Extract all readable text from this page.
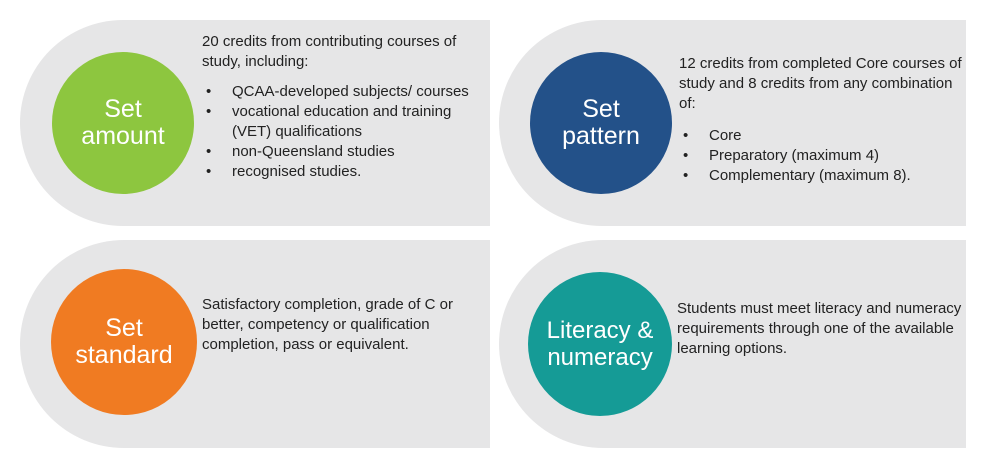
Set
amount

20 credits from contributing courses of study, including:

• QCAA-developed subjects/ courses
• vocational education and training (VET) qualifications
• non-Queensland studies
• recognised studies.
Set
pattern

12 credits from completed Core courses of study and 8 credits from any combination of:

• Core
• Preparatory (maximum 4)
• Complementary (maximum 8).
Set
standard

Satisfactory completion, grade of C or better, competency or qualification completion, pass or equivalent.

Literacy &
numeracy

Students must meet literacy and numeracy requirements through one of the available learning options.
